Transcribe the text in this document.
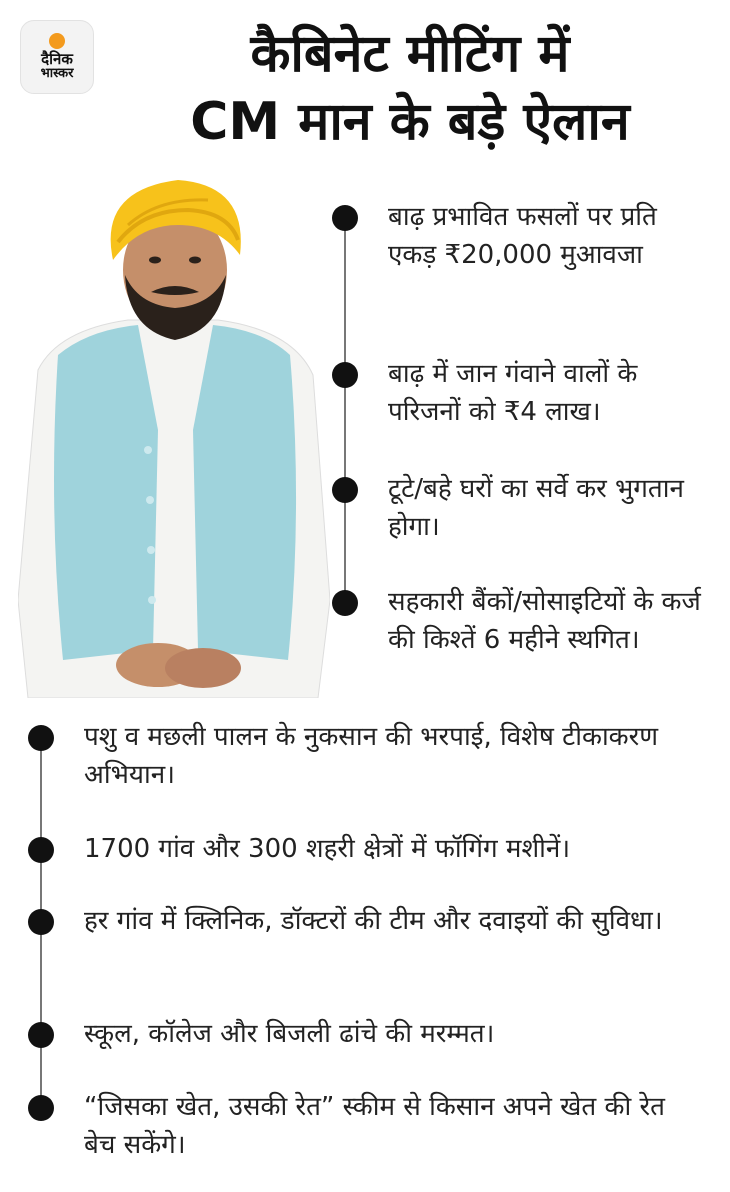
दैनिक
भास्कर	कैबिनेट मीटिंग में
CM मान के बड़े ऐलान
बाढ़ प्रभावित फसलों पर प्रति एकड़ ₹20,000 मुआवजा
बाढ़ में जान गंवाने वालों के परिजनों को ₹4 लाख।
टूटे/बहे घरों का सर्वे कर भुगतान होगा।
सहकारी बैंकों/सोसाइटियों के कर्ज की किश्तें 6 महीने स्थगित।
पशु व मछली पालन के नुकसान की भरपाई, विशेष टीकाकरण अभियान।
1700 गांव और 300 शहरी क्षेत्रों में फॉगिंग मशीनें।
हर गांव में क्लिनिक, डॉक्टरों की टीम और दवाइयों की सुविधा।
स्कूल, कॉलेज और बिजली ढांचे की मरम्मत।
“जिसका खेत, उसकी रेत” स्कीम से किसान अपने खेत की रेत बेच सकेंगे।
